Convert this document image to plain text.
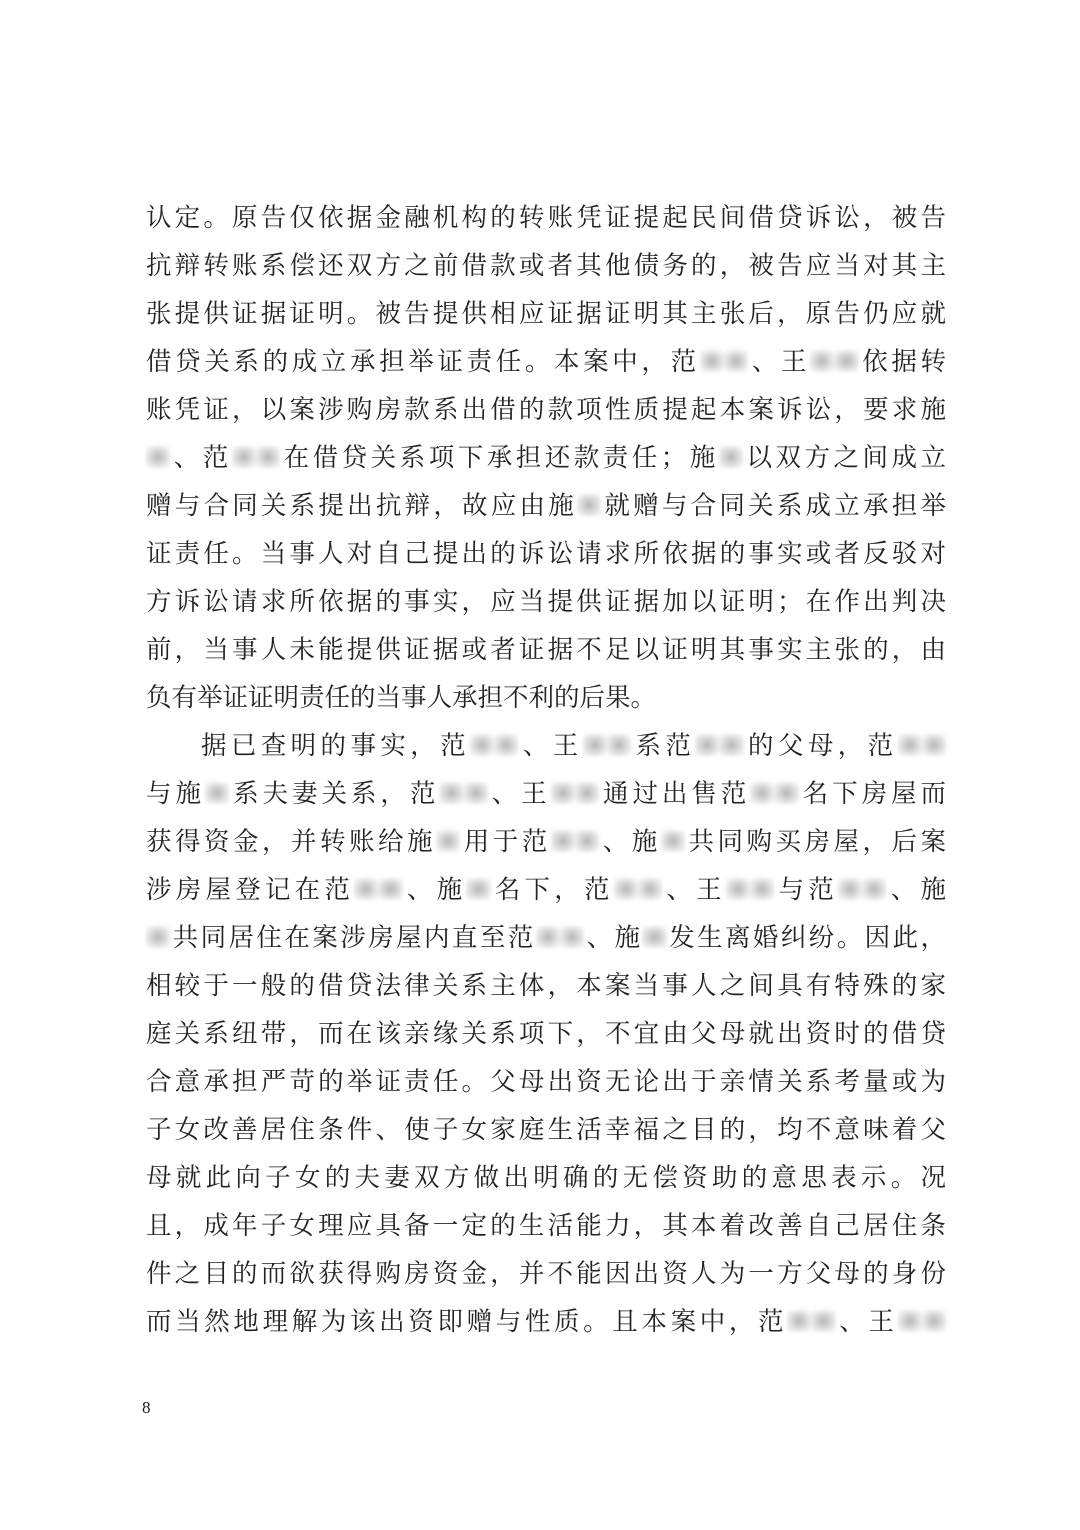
认定。原告仅依据金融机构的转账凭证提起民间借贷诉讼，被告
抗辩转账系偿还双方之前借款或者其他债务的，被告应当对其主
张提供证据证明。被告提供相应证据证明其主张后，原告仍应就
借贷关系的成立承担举证责任。本案中，范 、王 依据转
账凭证，以案涉购房款系出借的款项性质提起本案诉讼，要求施
、范 在借贷关系项下承担还款责任；施 以双方之间成立
赠与合同关系提出抗辩，故应由施 就赠与合同关系成立承担举
证责任。当事人对自己提出的诉讼请求所依据的事实或者反驳对
方诉讼请求所依据的事实，应当提供证据加以证明；在作出判决
前，当事人未能提供证据或者证据不足以证明其事实主张的，由
负有举证证明责任的当事人承担不利的后果。
据已查明的事实，范 、王 系范 的父母，范
与施 系夫妻关系，范 、王 通过出售范 名下房屋而
获得资金，并转账给施 用于范 、施 共同购买房屋，后案
涉房屋登记在范 、施 名下，范 、王 与范 、施
共同居住在案涉房屋内直至范 、施 发生离婚纠纷。因此，
相较于一般的借贷法律关系主体，本案当事人之间具有特殊的家
庭关系纽带，而在该亲缘关系项下，不宜由父母就出资时的借贷
合意承担严苛的举证责任。父母出资无论出于亲情关系考量或为
子女改善居住条件、使子女家庭生活幸福之目的，均不意味着父
母就此向子女的夫妻双方做出明确的无偿资助的意思表示。况
且，成年子女理应具备一定的生活能力，其本着改善自己居住条
件之目的而欲获得购房资金，并不能因出资人为一方父母的身份
而当然地理解为该出资即赠与性质。且本案中，范 、王
8
